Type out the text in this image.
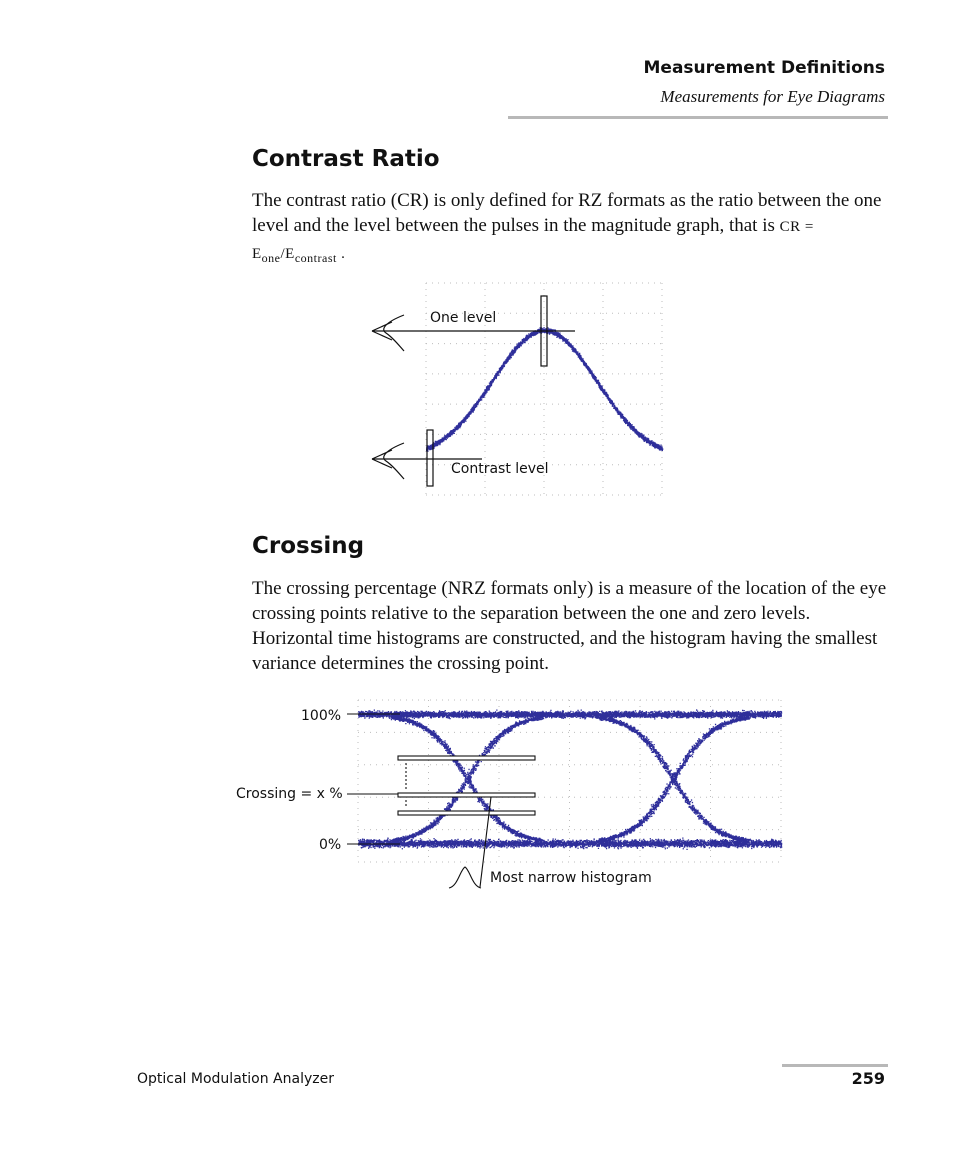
Measurement Definitions
Measurements for Eye Diagrams
Contrast Ratio
The contrast ratio (CR) is only defined for RZ formats as the ratio between the one level and the level between the pulses in the magnitude graph, that is CR = $E_{one}/E_{contrast}$ .
One level
Contrast level
100%
Crossing = x %
0%
Most narrow histogram
Crossing
The crossing percentage (NRZ formats only) is a measure of the location of the eye crossing points relative to the separation between the one and zero levels. Horizontal time histograms are constructed, and the histogram having the smallest variance determines the crossing point.
Optical Modulation Analyzer	259
